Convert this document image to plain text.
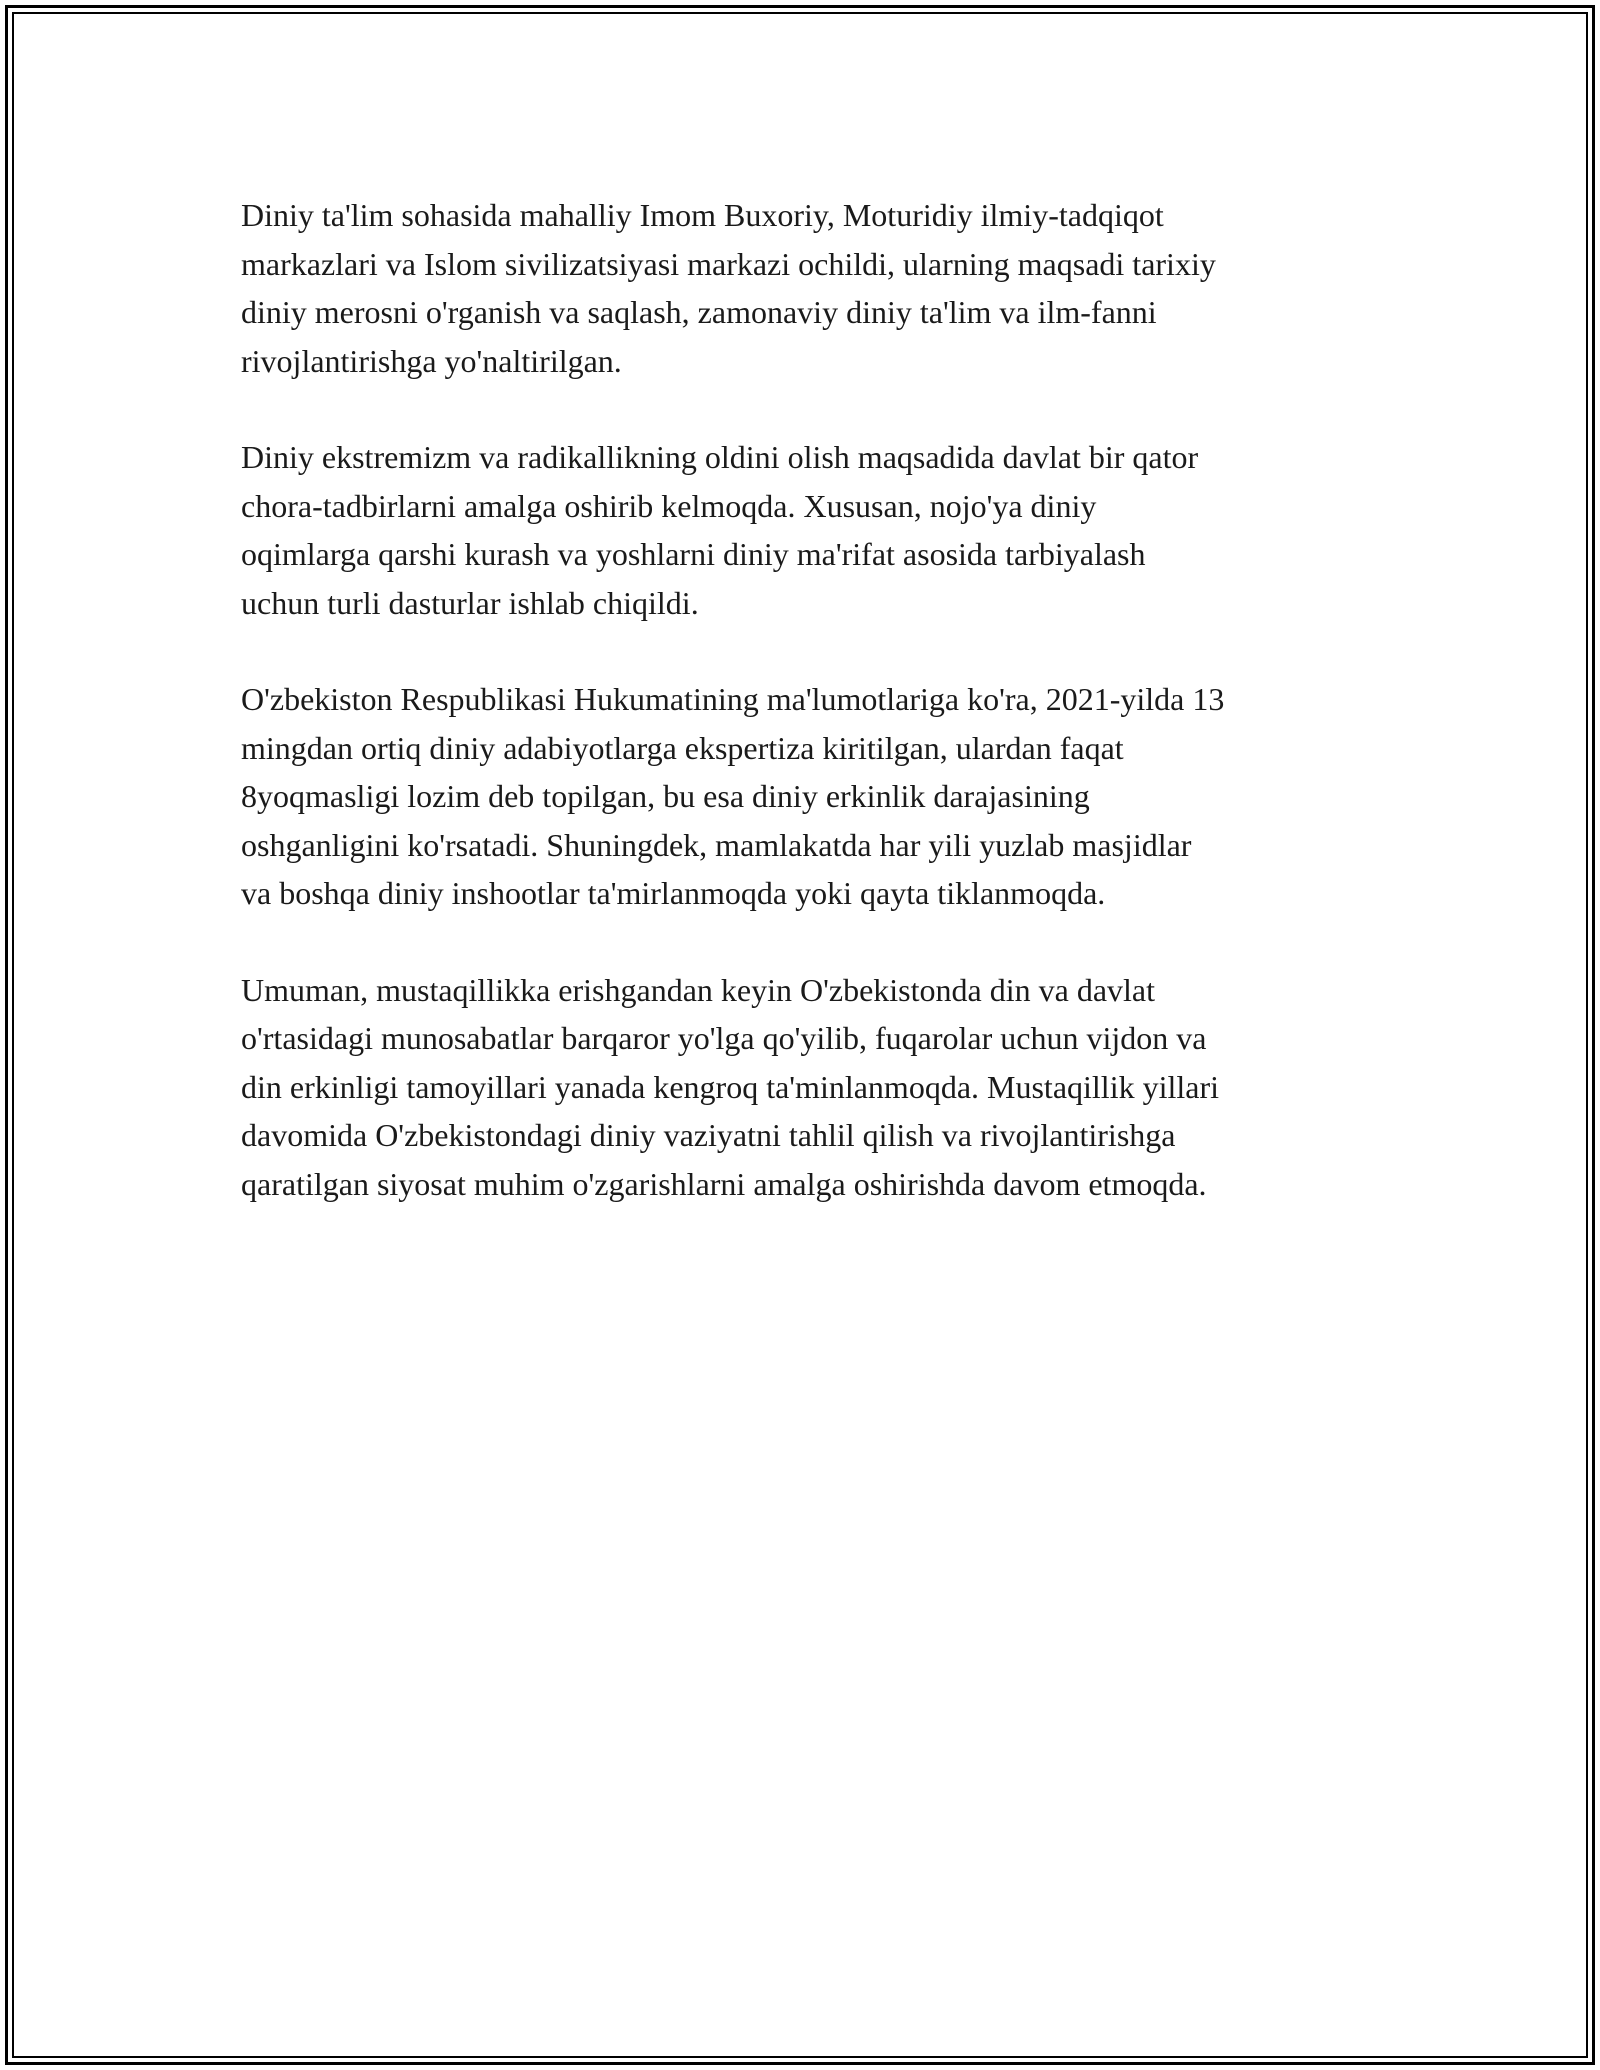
Diniy ta'lim sohasida mahalliy Imom Buxoriy, Moturidiy ilmiy-tadqiqot
markazlari va Islom sivilizatsiyasi markazi ochildi, ularning maqsadi tarixiy
diniy merosni o'rganish va saqlash, zamonaviy diniy ta'lim va ilm-fanni
rivojlantirishga yo'naltirilgan.

Diniy ekstremizm va radikallikning oldini olish maqsadida davlat bir qator
chora-tadbirlarni amalga oshirib kelmoqda. Xususan, nojo'ya diniy
oqimlarga qarshi kurash va yoshlarni diniy ma'rifat asosida tarbiyalash
uchun turli dasturlar ishlab chiqildi.

O'zbekiston Respublikasi Hukumatining ma'lumotlariga ko'ra, 2021-yilda 13
mingdan ortiq diniy adabiyotlarga ekspertiza kiritilgan, ulardan faqat
8yoqmasligi lozim deb topilgan, bu esa diniy erkinlik darajasining
oshganligini ko'rsatadi. Shuningdek, mamlakatda har yili yuzlab masjidlar
va boshqa diniy inshootlar ta'mirlanmoqda yoki qayta tiklanmoqda.

Umuman, mustaqillikka erishgandan keyin O'zbekistonda din va davlat
o'rtasidagi munosabatlar barqaror yo'lga qo'yilib, fuqarolar uchun vijdon va
din erkinligi tamoyillari yanada kengroq ta'minlanmoqda. Mustaqillik yillari
davomida O'zbekistondagi diniy vaziyatni tahlil qilish va rivojlantirishga
qaratilgan siyosat muhim o'zgarishlarni amalga oshirishda davom etmoqda.
